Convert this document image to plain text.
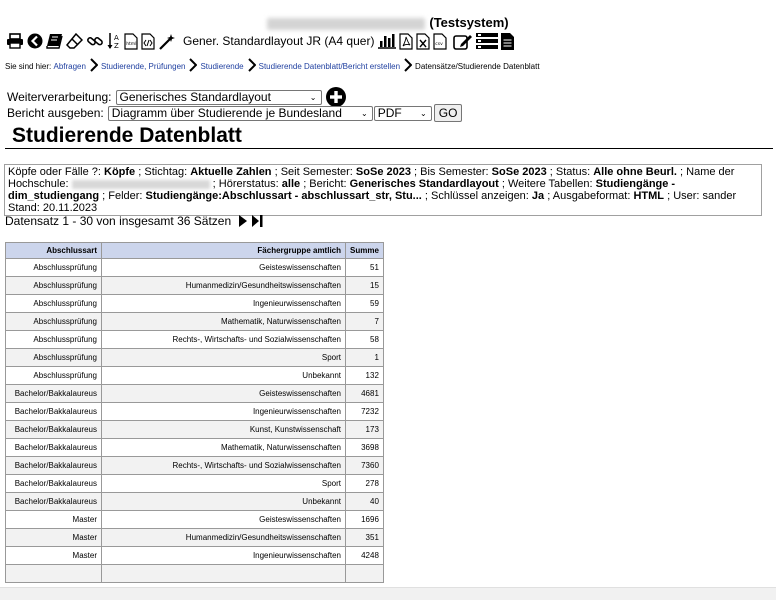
(Testsystem)
A
Z html	Gener. Standardlayout JR (A4 quer)	csv
Sie sind hier:
Abfragen Studierende, Prüfungen Studierende Studierende Datenblatt/Bericht erstellen Datensätze/Studierende Datenblatt
Weiterverarbeitung: Generisches Standardlayout	⌄
Bericht ausgeben: Diagramm über Studierende je Bundesland ⌄ PDF ⌄	GO
Studierende Datenblatt
Köpfe oder Fälle ?: Köpfe ; Stichtag: Aktuelle Zahlen ; Seit Semester: SoSe 2023 ; Bis Semester: SoSe 2023 ; Status: Alle ohne Beurl. ; Name der Hochschule:	; Hörerstatus: alle ; Bericht: Generisches Standardlayout ; Weitere Tabellen: Studiengänge - dim_studiengang ; Felder: Studiengänge:Abschlussart - abschlussart_str, Stu... ; Schlüssel anzeigen: Ja ; Ausgabeformat: HTML ; User: sander Stand: 20.11.2023
Datensatz 1 - 30 von insgesamt 36 Sätzen
Abschlussart	Fächergruppe amtlich	Summe
Abschlussprüfung	Geisteswissenschaften	51
Abschlussprüfung	Humanmedizin/Gesundheitswissenschaften	15
Abschlussprüfung	Ingenieurwissenschaften	59
Abschlussprüfung	Mathematik, Naturwissenschaften	7
Abschlussprüfung	Rechts-, Wirtschafts- und Sozialwissenschaften	58
Abschlussprüfung	Sport	1
Abschlussprüfung	Unbekannt	132
Bachelor/Bakkalaureus	Geisteswissenschaften	4681
Bachelor/Bakkalaureus	Ingenieurwissenschaften	7232
Bachelor/Bakkalaureus	Kunst, Kunstwissenschaft	173
Bachelor/Bakkalaureus	Mathematik, Naturwissenschaften	3698
Bachelor/Bakkalaureus	Rechts-, Wirtschafts- und Sozialwissenschaften	7360
Bachelor/Bakkalaureus	Sport	278
Bachelor/Bakkalaureus	Unbekannt	40
Master	Geisteswissenschaften	1696
Master	Humanmedizin/Gesundheitswissenschaften	351
Master	Ingenieurwissenschaften	4248
